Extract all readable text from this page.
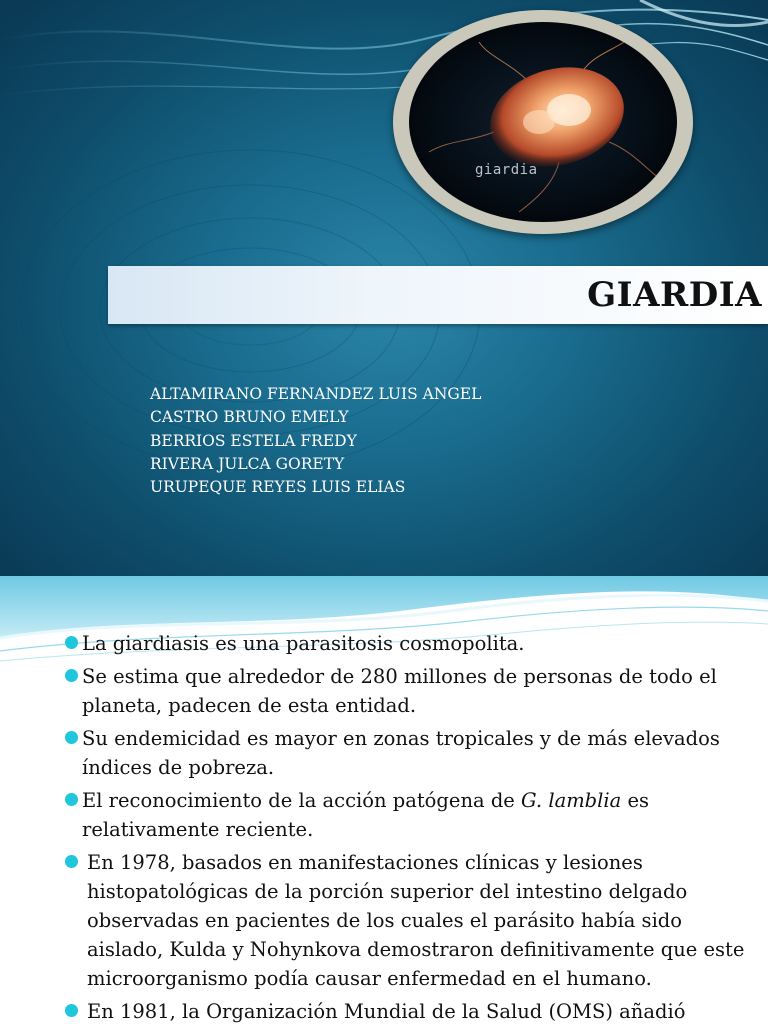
giardia
GIARDIA
ALTAMIRANO FERNANDEZ LUIS ANGEL
CASTRO BRUNO EMELY
BERRIOS ESTELA FREDY
RIVERA JULCA GORETY
URUPEQUE REYES LUIS ELIAS
La giardiasis es una parasitosis cosmopolita.
Se estima que alrededor de 280 millones de personas de todo el planeta, padecen de esta entidad.
Su endemicidad es mayor en zonas tropicales y de más elevados índices de pobreza.
El reconocimiento de la acción patógena de G. lamblia es relativamente reciente.
En 1978, basados en manifestaciones clínicas y lesiones histopatológicas de la porción superior del intestino delgado observadas en pacientes de los cuales el parásito había sido aislado, Kulda y Nohynkova demostraron definitivamente que este microorganismo podía causar enfermedad en el humano.
En 1981, la Organización Mundial de la Salud (OMS) añadió
